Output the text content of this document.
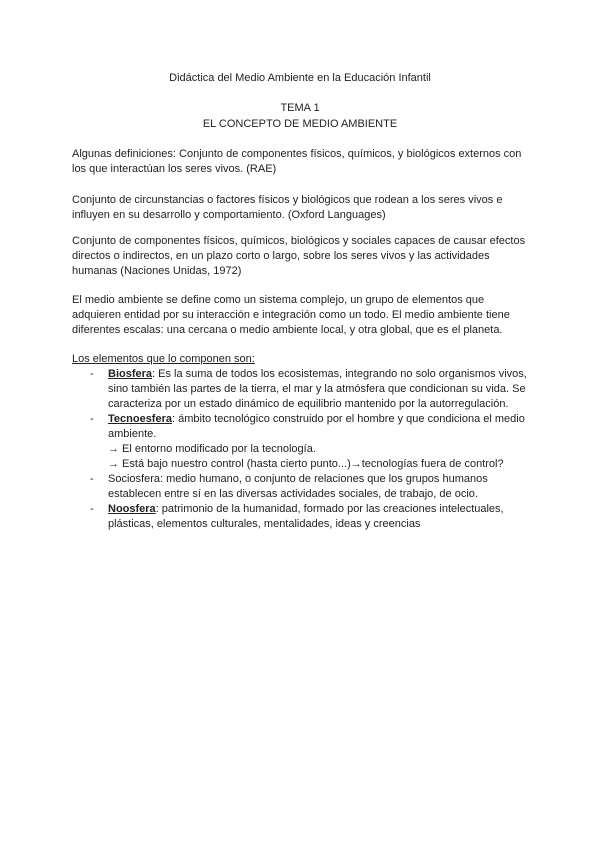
Didáctica del Medio Ambiente en la Educación Infantil
TEMA 1
EL CONCEPTO DE MEDIO AMBIENTE
Algunas definiciones: Conjunto de componentes físicos, químicos, y biológicos externos con los que interactúan los seres vivos. (RAE)
Conjunto de circunstancias o factores físicos y biológicos que rodean a los seres vivos e influyen en su desarrollo y comportamiento. (Oxford Languages)
Conjunto de componentes físicos, químicos, biológicos y sociales capaces de causar efectos directos o indirectos, en un plazo corto o largo, sobre los seres vivos y las actividades humanas (Naciones Unidas, 1972)
El medio ambiente se define como un sistema complejo, un grupo de elementos que adquieren entidad por su interacción e integración como un todo. El medio ambiente tiene diferentes escalas: una cercana o medio ambiente local, y otra global, que es el planeta.
Los elementos que lo componen son:
- Biosfera: Es la suma de todos los ecosistemas, integrando no solo organismos vivos, sino también las partes de la tierra, el mar y la atmósfera que condicionan su vida. Se caracteriza por un estado dinámico de equilibrio mantenido por la autorregulación.
- Tecnoesfera: ámbito tecnológico construido por el hombre y que condiciona el medio ambiente.
→ El entorno modificado por la tecnología.
→ Está bajo nuestro control (hasta cierto punto...)→tecnologías fuera de control?
- Sociosfera: medio humano, o conjunto de relaciones que los grupos humanos establecen entre sí en las diversas actividades sociales, de trabajo, de ocio.
- Noosfera: patrimonio de la humanidad, formado por las creaciones intelectuales, plásticas, elementos culturales, mentalidades, ideas y creencias
